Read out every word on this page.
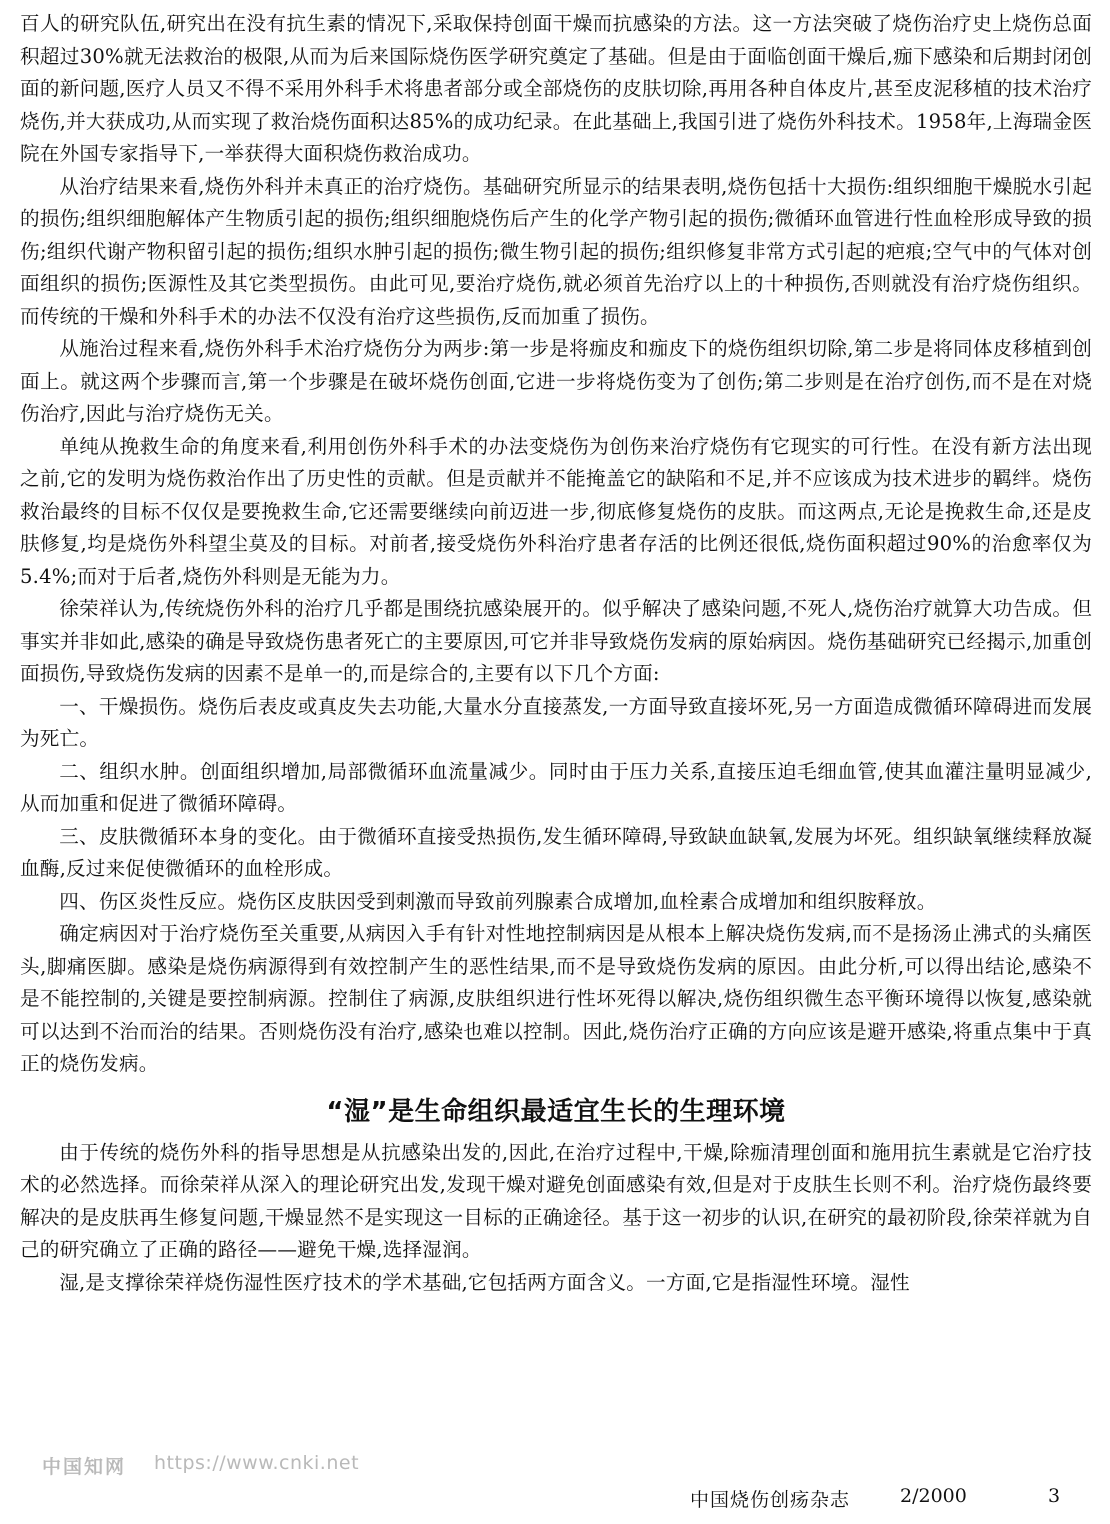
百人的研究队伍,研究出在没有抗生素的情况下,采取保持创面干燥而抗感染的方法。这一方法突破了烧伤治疗史上烧伤总面积超过30%就无法救治的极限,从而为后来国际烧伤医学研究奠定了基础。但是由于面临创面干燥后,痂下感染和后期封闭创面的新问题,医疗人员又不得不采用外科手术将患者部分或全部烧伤的皮肤切除,再用各种自体皮片,甚至皮泥移植的技术治疗烧伤,并大获成功,从而实现了救治烧伤面积达85%的成功纪录。在此基础上,我国引进了烧伤外科技术。1958年,上海瑞金医院在外国专家指导下,一举获得大面积烧伤救治成功。

从治疗结果来看,烧伤外科并未真正的治疗烧伤。基础研究所显示的结果表明,烧伤包括十大损伤:组织细胞干燥脱水引起的损伤;组织细胞解体产生物质引起的损伤;组织细胞烧伤后产生的化学产物引起的损伤;微循环血管进行性血栓形成导致的损伤;组织代谢产物积留引起的损伤;组织水肿引起的损伤;微生物引起的损伤;组织修复非常方式引起的疤痕;空气中的气体对创面组织的损伤;医源性及其它类型损伤。由此可见,要治疗烧伤,就必须首先治疗以上的十种损伤,否则就没有治疗烧伤组织。而传统的干燥和外科手术的办法不仅没有治疗这些损伤,反而加重了损伤。

从施治过程来看,烧伤外科手术治疗烧伤分为两步:第一步是将痂皮和痂皮下的烧伤组织切除,第二步是将同体皮移植到创面上。就这两个步骤而言,第一个步骤是在破坏烧伤创面,它进一步将烧伤变为了创伤;第二步则是在治疗创伤,而不是在对烧伤治疗,因此与治疗烧伤无关。

单纯从挽救生命的角度来看,利用创伤外科手术的办法变烧伤为创伤来治疗烧伤有它现实的可行性。在没有新方法出现之前,它的发明为烧伤救治作出了历史性的贡献。但是贡献并不能掩盖它的缺陷和不足,并不应该成为技术进步的羁绊。烧伤救治最终的目标不仅仅是要挽救生命,它还需要继续向前迈进一步,彻底修复烧伤的皮肤。而这两点,无论是挽救生命,还是皮肤修复,均是烧伤外科望尘莫及的目标。对前者,接受烧伤外科治疗患者存活的比例还很低,烧伤面积超过90%的治愈率仅为5.4%;而对于后者,烧伤外科则是无能为力。

徐荣祥认为,传统烧伤外科的治疗几乎都是围绕抗感染展开的。似乎解决了感染问题,不死人,烧伤治疗就算大功告成。但事实并非如此,感染的确是导致烧伤患者死亡的主要原因,可它并非导致烧伤发病的原始病因。烧伤基础研究已经揭示,加重创面损伤,导致烧伤发病的因素不是单一的,而是综合的,主要有以下几个方面:

一、干燥损伤。烧伤后表皮或真皮失去功能,大量水分直接蒸发,一方面导致直接坏死,另一方面造成微循环障碍进而发展为死亡。

二、组织水肿。创面组织增加,局部微循环血流量减少。同时由于压力关系,直接压迫毛细血管,使其血灌注量明显减少,从而加重和促进了微循环障碍。

三、皮肤微循环本身的变化。由于微循环直接受热损伤,发生循环障碍,导致缺血缺氧,发展为坏死。组织缺氧继续释放凝血酶,反过来促使微循环的血栓形成。

四、伤区炎性反应。烧伤区皮肤因受到刺激而导致前列腺素合成增加,血栓素合成增加和组织胺释放。

确定病因对于治疗烧伤至关重要,从病因入手有针对性地控制病因是从根本上解决烧伤发病,而不是扬汤止沸式的头痛医头,脚痛医脚。感染是烧伤病源得到有效控制产生的恶性结果,而不是导致烧伤发病的原因。由此分析,可以得出结论,感染不是不能控制的,关键是要控制病源。控制住了病源,皮肤组织进行性坏死得以解决,烧伤组织微生态平衡环境得以恢复,感染就可以达到不治而治的结果。否则烧伤没有治疗,感染也难以控制。因此,烧伤治疗正确的方向应该是避开感染,将重点集中于真正的烧伤发病。

“湿”是生命组织最适宜生长的生理环境

由于传统的烧伤外科的指导思想是从抗感染出发的,因此,在治疗过程中,干燥,除痂清理创面和施用抗生素就是它治疗技术的必然选择。而徐荣祥从深入的理论研究出发,发现干燥对避免创面感染有效,但是对于皮肤生长则不利。治疗烧伤最终要解决的是皮肤再生修复问题,干燥显然不是实现这一目标的正确途径。基于这一初步的认识,在研究的最初阶段,徐荣祥就为自己的研究确立了正确的路径——避免干燥,选择湿润。

湿,是支撑徐荣祥烧伤湿性医疗技术的学术基础,它包括两方面含义。一方面,它是指湿性环境。湿性

中国知网 https://www.cnki.net
中国烧伤创疡杂志	2/2000	3
